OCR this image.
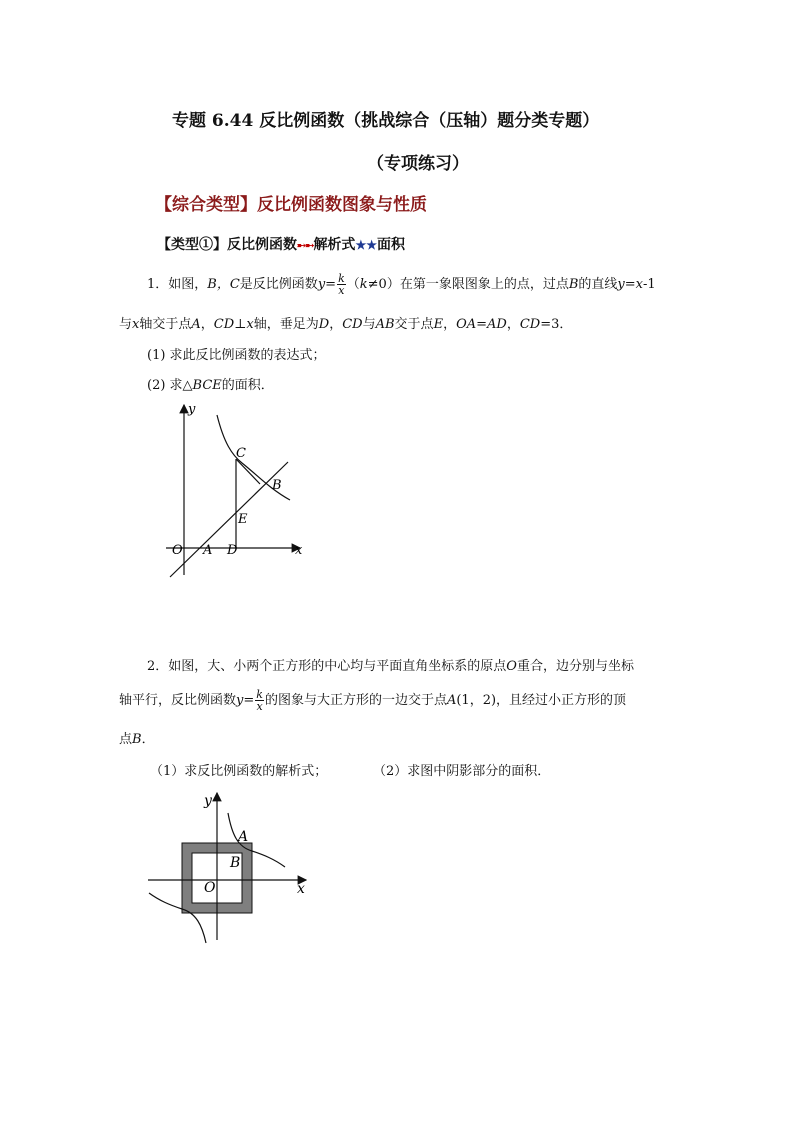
专题 6.44 反比例函数（挑战综合（压轴）题分类专题）
（专项练习）
【综合类型】反比例函数图象与性质
【类型①】反比例函数➸➸解析式★★面积
1．如图，B，C是反比例函数$y= \frac{k}{x} (k\ne 0)$在第一象限图象上的点，过点B的直线y=x-1
与x轴交于点A，CD⊥x轴，垂足为D，CD与AB交于点E，OA=AD，CD=3．
(1) 求此反比例函数的表达式；
(2) 求△BCE的面积．
O A D	x
y
C
B
E
2．如图，大、小两个正方形的中心均与平面直角坐标系的原点O重合，边分别与坐标
轴平行，反比例函数$y= \frac{k}{x}$ 的图象与大正方形的一边交于点A(1，2)，且经过小正方形的顶
点B．
（1）求反比例函数的解析式；	（2）求图中阴影部分的面积．
y
x
O
A
B
